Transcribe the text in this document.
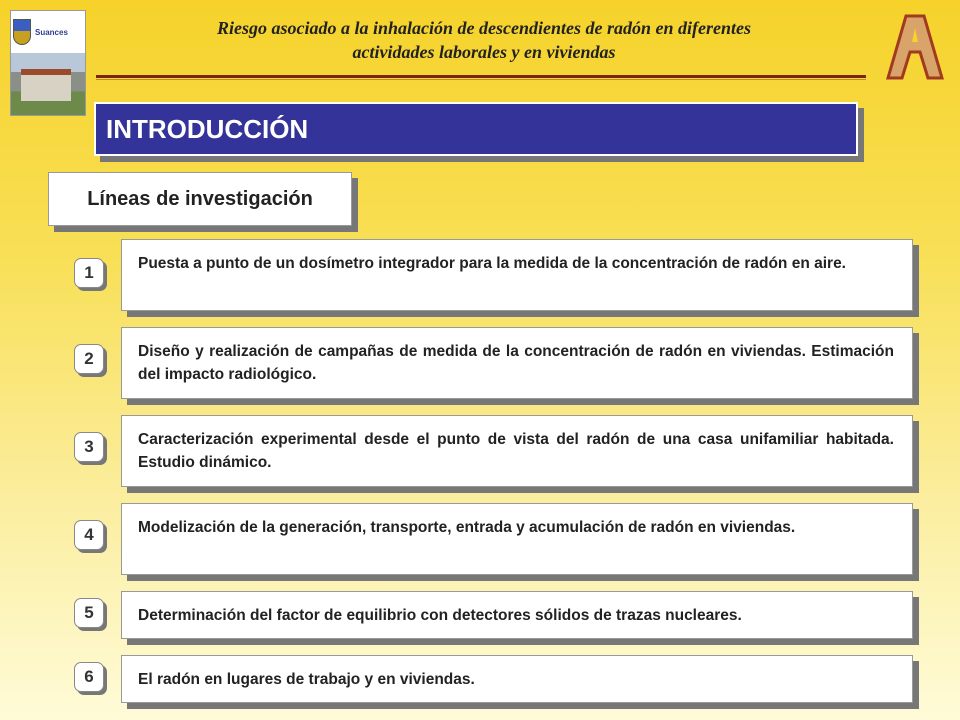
Suances	Riesgo asociado a la inhalación de descendientes de radón en diferentes
actividades laborales y en viviendas
INTRODUCCIÓN
Líneas de investigación
1	Puesta a punto de un dosímetro integrador para la medida de la concentración de radón en aire.
2	Diseño y realización de campañas de medida de la concentración de radón en viviendas. Estimación del impacto radiológico.
3	Caracterización experimental desde el punto de vista del radón de una casa unifamiliar habitada. Estudio dinámico.
4	Modelización de la generación, transporte, entrada y acumulación de radón en viviendas.
5	Determinación del factor de equilibrio con detectores sólidos de trazas nucleares.
6	El radón en lugares de trabajo y en viviendas.
